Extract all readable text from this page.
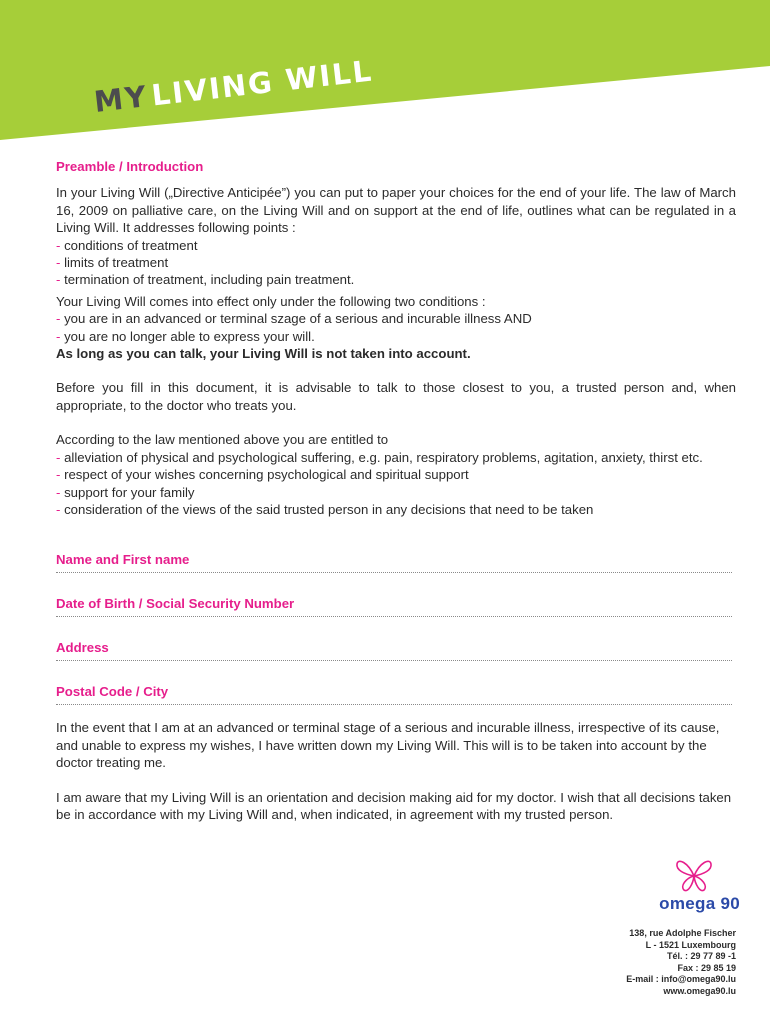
MYLIVING WILL
Preamble / Introduction

In your Living Will („Directive Anticipée”) you can put to paper your choices for the end of your life. The law of March 16, 2009 on palliative care, on the Living Will and on support at the end of life, outlines what can be regulated in a Living Will. It addresses following points :

- conditions of treatment

- limits of treatment

- termination of treatment, including pain treatment.

Your Living Will comes into effect only under the following two conditions :

- you are in an advanced or terminal szage of a serious and incurable illness AND

- you are no longer able to express your will.

As long as you can talk, your Living Will is not taken into account.

Before you fill in this document, it is advisable to talk to those closest to you, a trusted person and, when appropriate, to the doctor who treats you.

According to the law mentioned above you are entitled to

- alleviation of physical and psychological suffering, e.g. pain, respiratory problems, agitation, anxiety, thirst etc.

- respect of your wishes concerning psychological and spiritual support

- support for your family

- consideration of the views of the said trusted person in any decisions that need to be taken

Name and First name
Date of Birth / Social Security Number
Address
Postal Code / City

In the event that I am at an advanced or terminal stage of a serious and incurable illness, irrespective of its cause, and unable to express my wishes, I have written down my Living Will. This will is to be taken into account by the doctor treating me.

I am aware that my Living Will is an orientation and decision making aid for my doctor. I wish that all decisions taken be in accordance with my Living Will and, when indicated, in agreement with my trusted person.

omega 90
138, rue Adolphe Fischer
L - 1521 Luxembourg
Tél. : 29 77 89 -1
Fax : 29 85 19
E-mail : info@omega90.lu
www.omega90.lu
